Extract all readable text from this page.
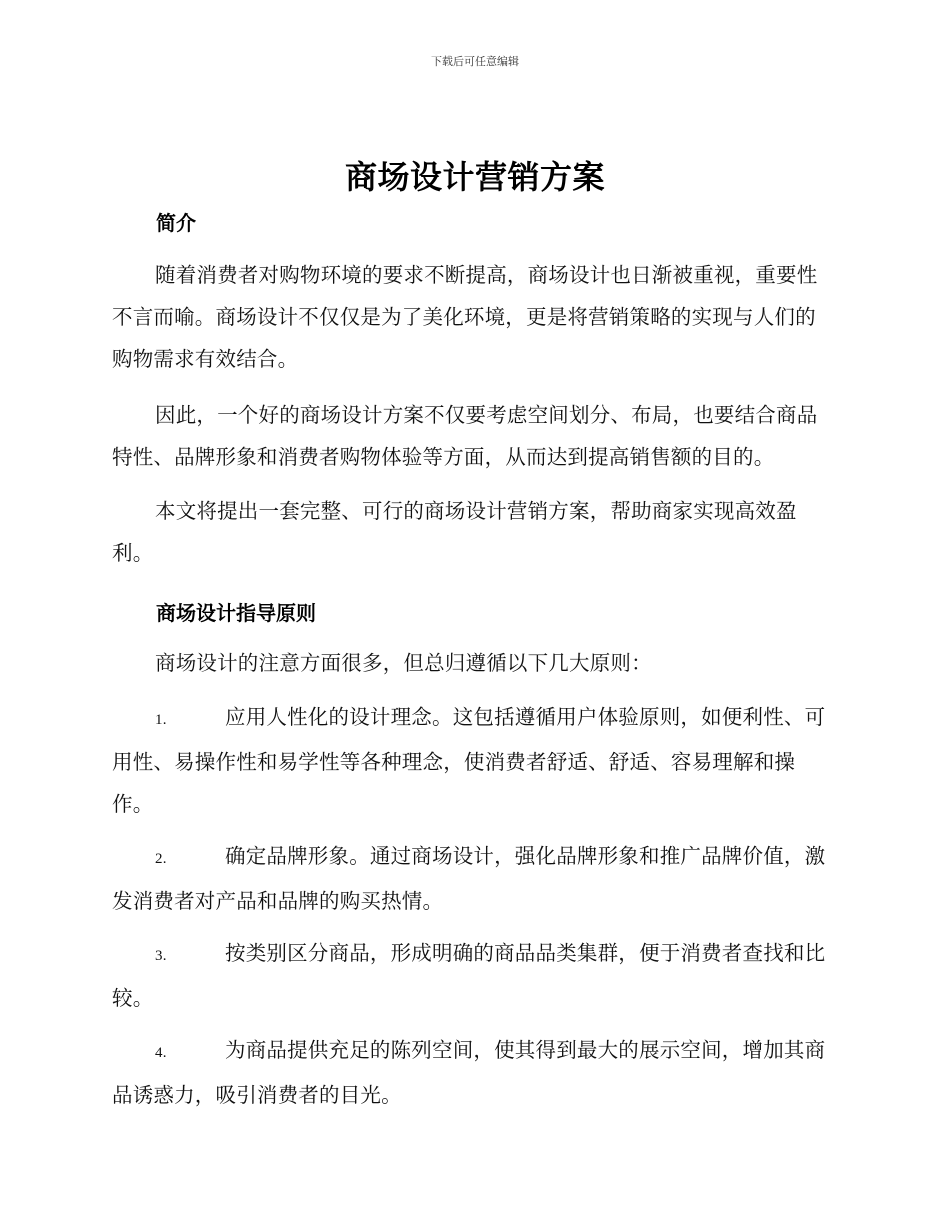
下载后可任意编辑
商场设计营销方案
简介

随着消费者对购物环境的要求不断提高，商场设计也日渐被重视，重要性不言而喻。商场设计不仅仅是为了美化环境，更是将营销策略的实现与人们的购物需求有效结合。

因此，一个好的商场设计方案不仅要考虑空间划分、布局，也要结合商品特性、品牌形象和消费者购物体验等方面，从而达到提高销售额的目的。

本文将提出一套完整、可行的商场设计营销方案，帮助商家实现高效盈利。

商场设计指导原则

商场设计的注意方面很多，但总归遵循以下几大原则：

1.	应用人性化的设计理念。这包括遵循用户体验原则，如便利性、可用性、易操作性和易学性等各种理念，使消费者舒适、舒适、容易理解和操作。
2.	确定品牌形象。通过商场设计，强化品牌形象和推广品牌价值，激发消费者对产品和品牌的购买热情。
3.	按类别区分商品，形成明确的商品品类集群，便于消费者查找和比较。
4.	为商品提供充足的陈列空间，使其得到最大的展示空间，增加其商品诱惑力，吸引消费者的目光。
